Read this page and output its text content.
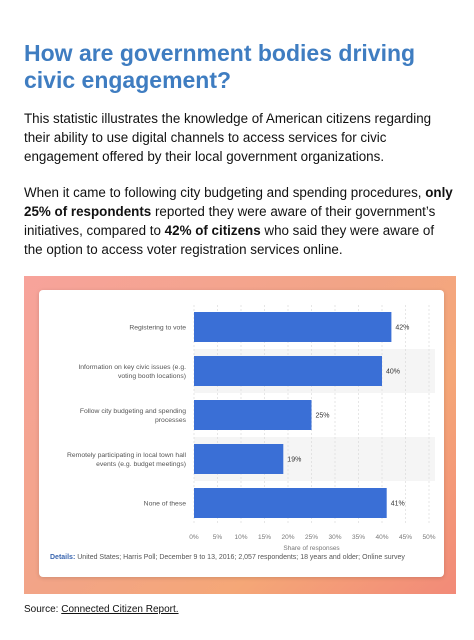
How are government bodies driving civic engagement?

This statistic illustrates the knowledge of American citizens regarding their ability to use digital channels to access services for civic engagement offered by their local government organizations.

When it came to following city budgeting and spending procedures, only 25% of respondents reported they were aware of their government’s initiatives, compared to 42% of citizens who said they were aware of the option to access voter registration services online.

0% 5% 10% 15% 20% 25% 30% 35% 40% 45% 50%
Share of responses
42%
Registering to vote
40%
Information on key civic issues (e.g. voting booth locations)
25%
Follow city budgeting and spending processes
19%
Remotely participating in local town hall events (e.g. budget meetings)
41%
None of these
Details: United States; Harris Poll; December 9 to 13, 2016; 2,057 respondents; 18 years and older; Online survey
Source: Connected Citizen Report.
